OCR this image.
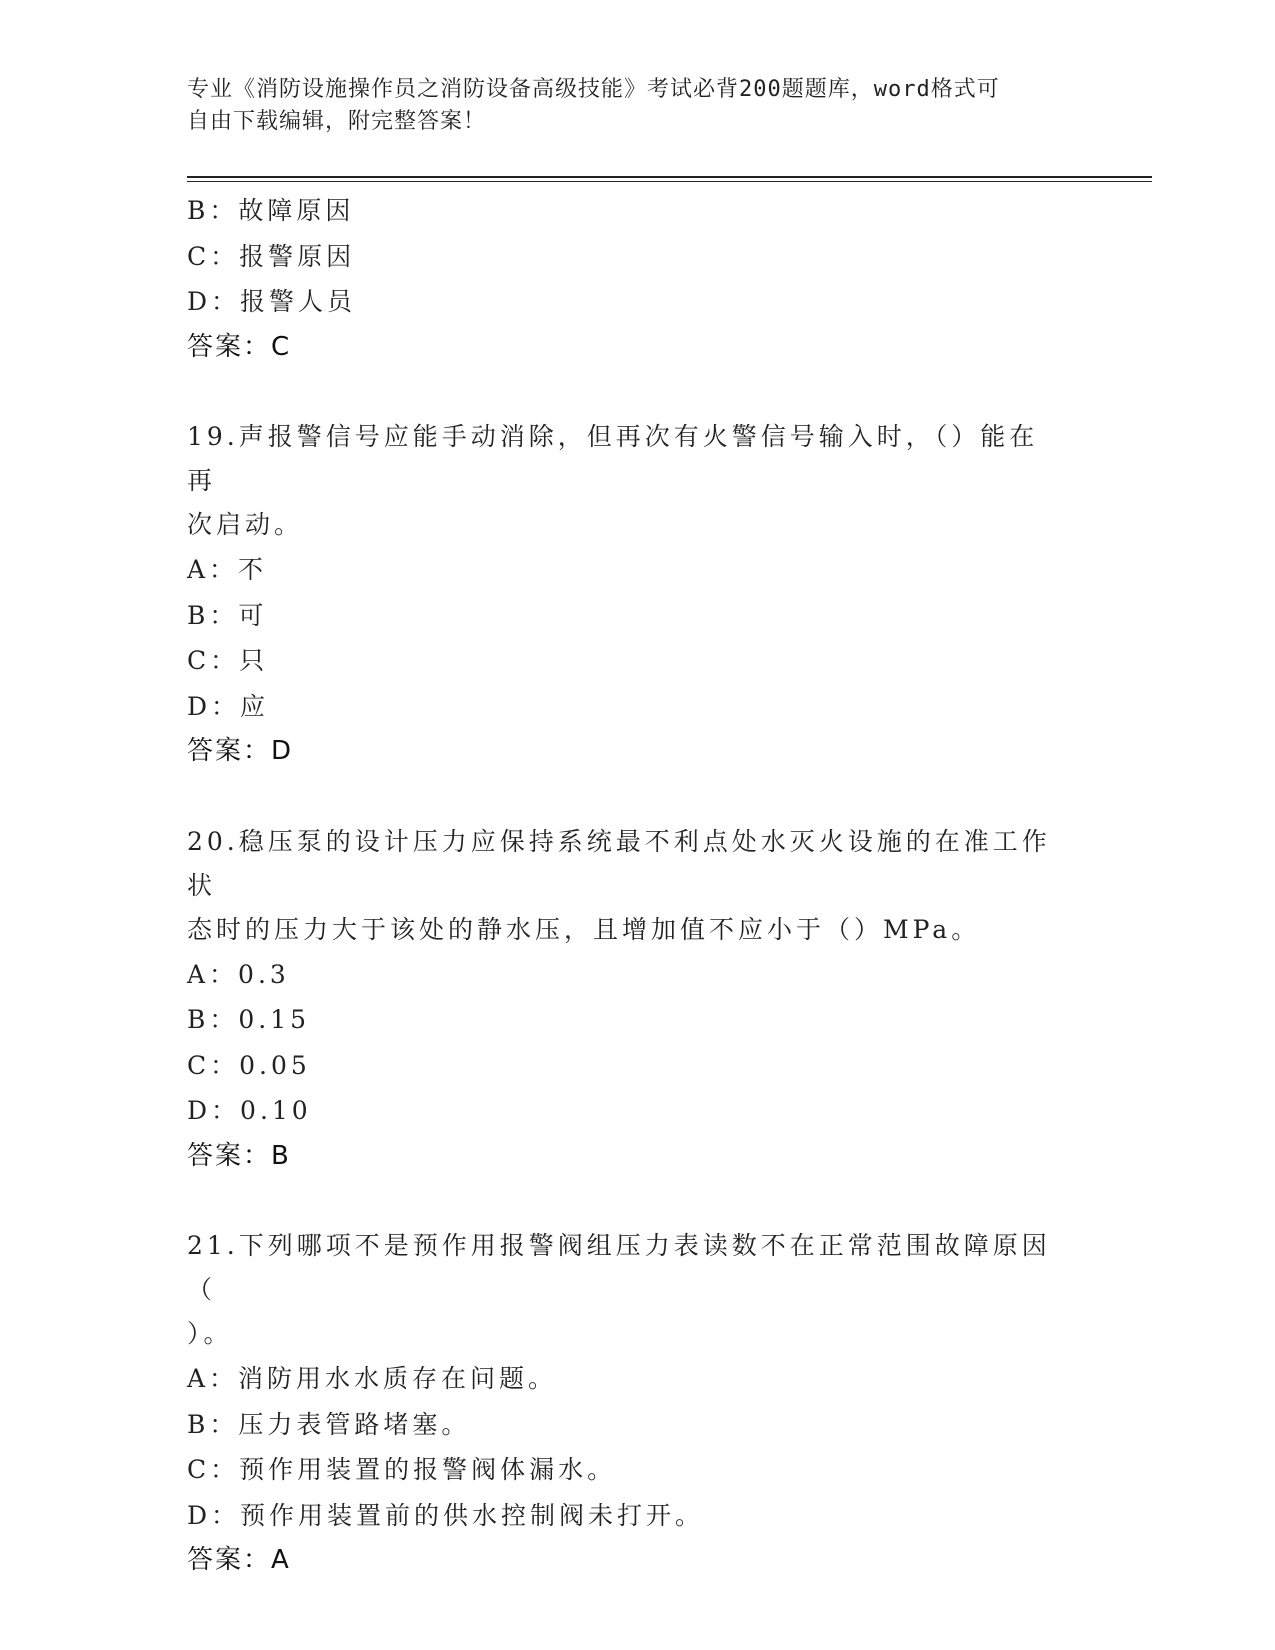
专业《消防设施操作员之消防设备高级技能》考试必背200题题库，word格式可
自由下载编辑，附完整答案！
B：故障原因
C：报警原因
D：报警人员
答案：C
19.声报警信号应能手动消除，但再次有火警信号输入时，（）能在再
次启动。
A：不
B：可
C：只
D：应
答案：D
20.稳压泵的设计压力应保持系统最不利点处水灭火设施的在准工作状
态时的压力大于该处的静水压，且增加值不应小于（）MPa。
A：0.3
B：0.15
C：0.05
D：0.10
答案：B
21.下列哪项不是预作用报警阀组压力表读数不在正常范围故障原因（
）。
A：消防用水水质存在问题。
B：压力表管路堵塞。
C：预作用装置的报警阀体漏水。
D：预作用装置前的供水控制阀未打开。
答案：A
